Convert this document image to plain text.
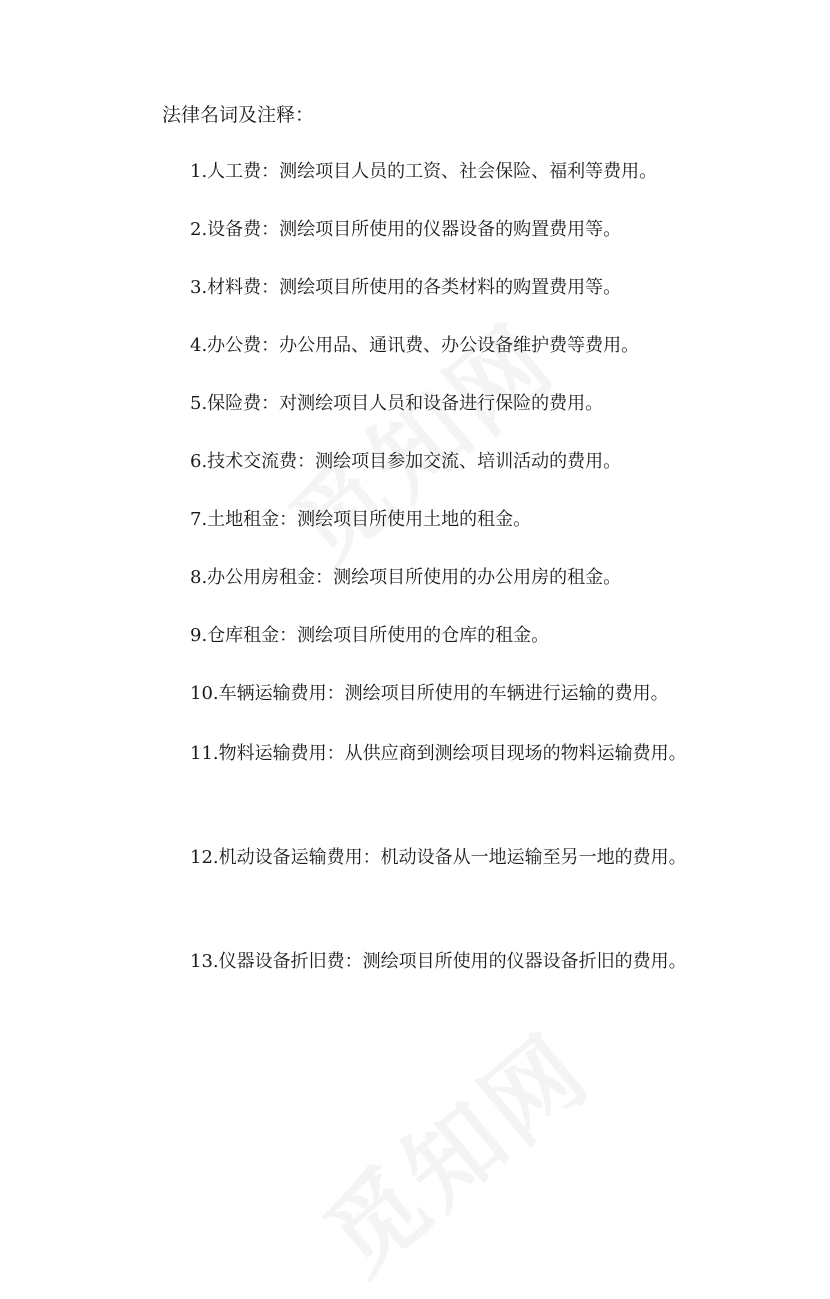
法律名词及注释：

1.人工费：测绘项目人员的工资、社会保险、福利等费用。

2.设备费：测绘项目所使用的仪器设备的购置费用等。

3.材料费：测绘项目所使用的各类材料的购置费用等。

4.办公费：办公用品、通讯费、办公设备维护费等费用。

5.保险费：对测绘项目人员和设备进行保险的费用。

6.技术交流费：测绘项目参加交流、培训活动的费用。

7.土地租金：测绘项目所使用土地的租金。

8.办公用房租金：测绘项目所使用的办公用房的租金。

9.仓库租金：测绘项目所使用的仓库的租金。

10.车辆运输费用：测绘项目所使用的车辆进行运输的费用。

11.物料运输费用：从供应商到测绘项目现场的物料运输费用。

12.机动设备运输费用：机动设备从一地运输至另一地的费用。

13.仪器设备折旧费：测绘项目所使用的仪器设备折旧的费用。
